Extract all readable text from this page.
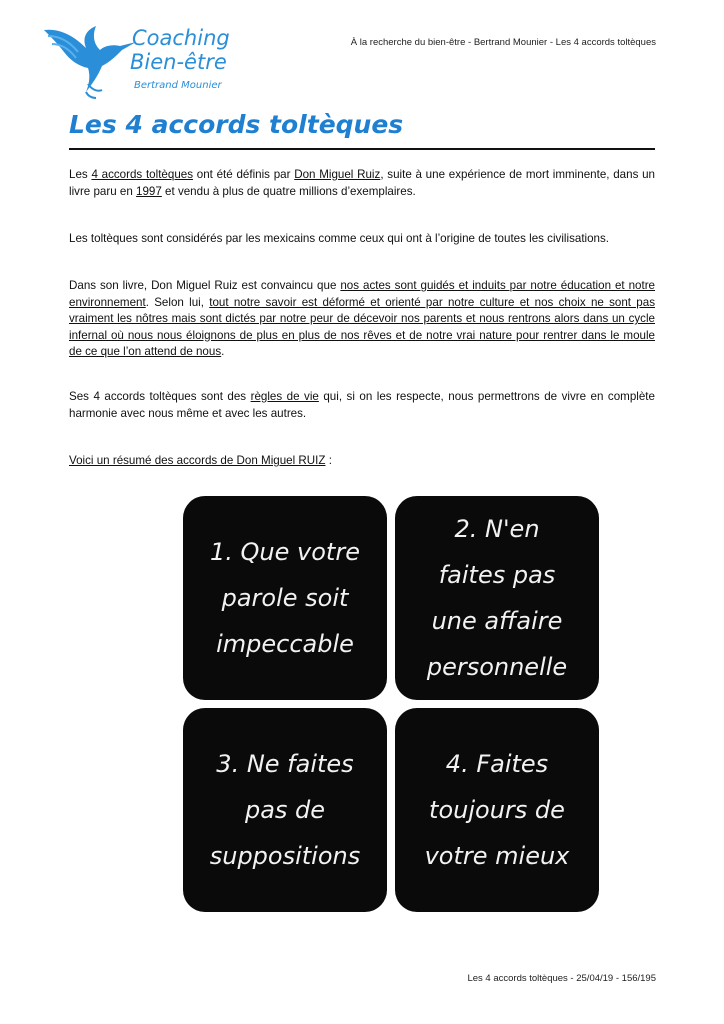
Coaching
Bien-être
Bertrand Mounier
À la recherche du bien-être - Bertrand Mounier - Les 4 accords toltèques
Les 4 accords toltèques
Les 4 accords toltèques ont été définis par Don Miguel Ruiz, suite à une expérience de mort imminente, dans un livre paru en 1997 et vendu à plus de quatre millions d’exemplaires.
Les toltèques sont considérés par les mexicains comme ceux qui ont à l’origine de toutes les civilisations.
Dans son livre, Don Miguel Ruiz est convaincu que nos actes sont guidés et induits par notre éducation et notre environnement. Selon lui, tout notre savoir est déformé et orienté par notre culture et nos choix ne sont pas vraiment les nôtres mais sont dictés par notre peur de décevoir nos parents et nous rentrons alors dans un cycle infernal où nous nous éloignons de plus en plus de nos rêves et de notre vrai nature pour rentrer dans le moule de ce que l’on attend de nous.
Ses 4 accords toltèques sont des règles de vie qui, si on les respecte, nous permettrons de vivre en complète harmonie avec nous même et avec les autres.
Voici un résumé des accords de Don Miguel RUIZ :
1. Que votre
parole soit
impeccable
2. N'en
faites pas
une affaire
personnelle
3. Ne faites
pas de
suppositions
4. Faites
toujours de
votre mieux
Les 4 accords toltèques - 25/04/19 - 156/195
